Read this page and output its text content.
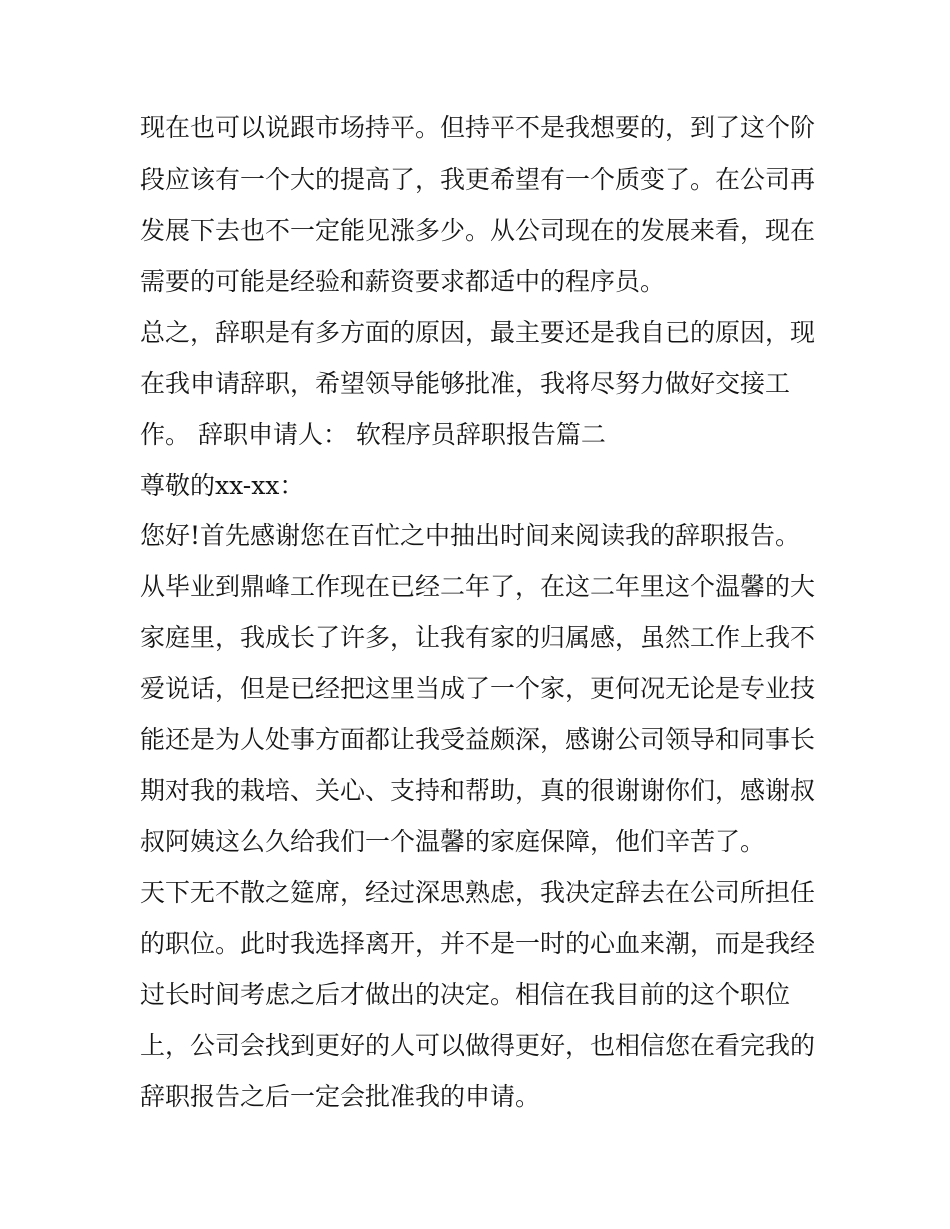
现在也可以说跟市场持平。但持平不是我想要的，到了这个阶

段应该有一个大的提高了，我更希望有一个质变了。在公司再

发展下去也不一定能见涨多少。从公司现在的发展来看，现在

需要的可能是经验和薪资要求都适中的程序员。

总之，辞职是有多方面的原因，最主要还是我自已的原因，现

在我申请辞职，希望领导能够批准，我将尽努力做好交接工

作。 辞职申请人： 软程序员辞职报告篇二

尊敬的xx-xx：

您好!首先感谢您在百忙之中抽出时间来阅读我的辞职报告。

从毕业到鼎峰工作现在已经二年了，在这二年里这个温馨的大

家庭里，我成长了许多，让我有家的归属感，虽然工作上我不

爱说话，但是已经把这里当成了一个家，更何况无论是专业技

能还是为人处事方面都让我受益颇深，感谢公司领导和同事长

期对我的栽培、关心、支持和帮助，真的很谢谢你们，感谢叔

叔阿姨这么久给我们一个温馨的家庭保障，他们辛苦了。

天下无不散之筵席，经过深思熟虑，我决定辞去在公司所担任

的职位。此时我选择离开，并不是一时的心血来潮，而是我经

过长时间考虑之后才做出的决定。相信在我目前的这个职位

上，公司会找到更好的人可以做得更好，也相信您在看完我的

辞职报告之后一定会批准我的申请。
